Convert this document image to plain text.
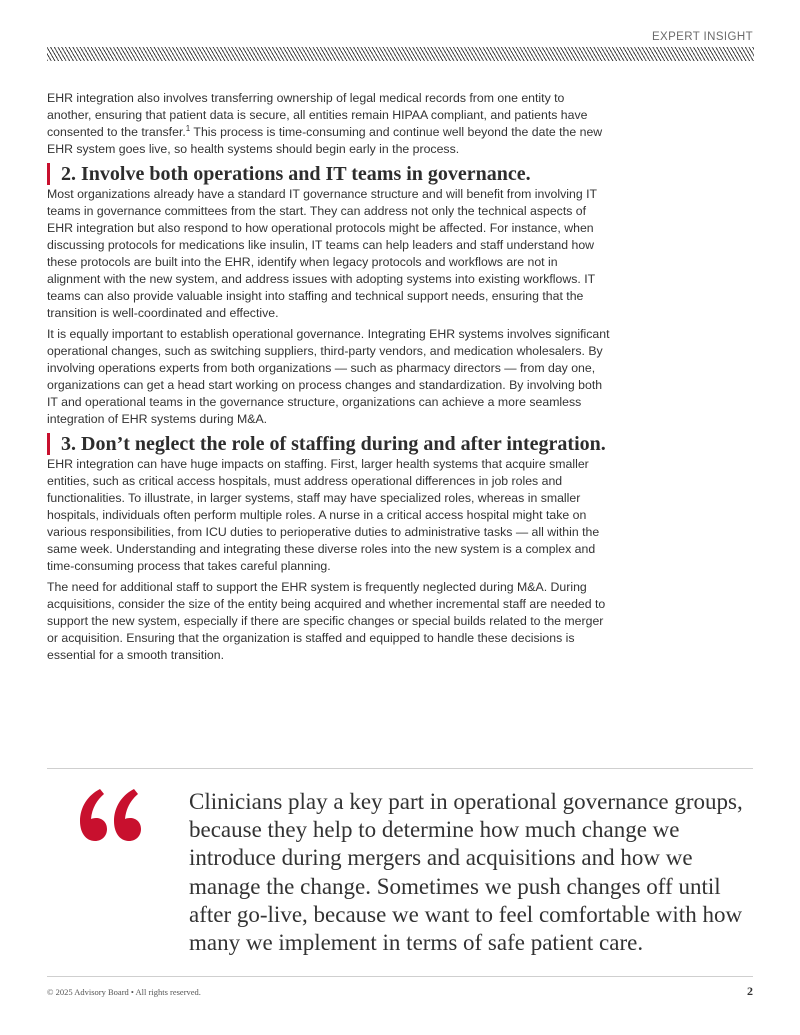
EXPERT INSIGHT

EHR integration also involves transferring ownership of legal medical records from one entity to another, ensuring that patient data is secure, all entities remain HIPAA compliant, and patients have consented to the transfer.$^1$ This process is time-consuming and continue well beyond the date the new EHR system goes live, so health systems should begin early in the process.

2. Involve both operations and IT teams in governance.

Most organizations already have a standard IT governance structure and will benefit from involving IT teams in governance committees from the start. They can address not only the technical aspects of EHR integration but also respond to how operational protocols might be affected. For instance, when discussing protocols for medications like insulin, IT teams can help leaders and staff understand how these protocols are built into the EHR, identify when legacy protocols and workflows are not in alignment with the new system, and address issues with adopting systems into existing workflows. IT teams can also provide valuable insight into staffing and technical support needs, ensuring that the transition is well-coordinated and effective.

It is equally important to establish operational governance. Integrating EHR systems involves significant operational changes, such as switching suppliers, third-party vendors, and medication wholesalers. By involving operations experts from both organizations — such as pharmacy directors — from day one, organizations can get a head start working on process changes and standardization. By involving both IT and operational teams in the governance structure, organizations can achieve a more seamless integration of EHR systems during M&A.

3. Don’t neglect the role of staffing during and after integration.

EHR integration can have huge impacts on staffing. First, larger health systems that acquire smaller entities, such as critical access hospitals, must address operational differences in job roles and functionalities. To illustrate, in larger systems, staff may have specialized roles, whereas in smaller hospitals, individuals often perform multiple roles. A nurse in a critical access hospital might take on various responsibilities, from ICU duties to perioperative duties to administrative tasks — all within the same week. Understanding and integrating these diverse roles into the new system is a complex and time-consuming process that takes careful planning.

The need for additional staff to support the EHR system is frequently neglected during M&A. During acquisitions, consider the size of the entity being acquired and whether incremental staff are needed to support the new system, especially if there are specific changes or special builds related to the merger or acquisition. Ensuring that the organization is staffed and equipped to handle these decisions is essential for a smooth transition.

Clinicians play a key part in operational governance groups, because they help to determine how much change we introduce during mergers and acquisitions and how we manage the change. Sometimes we push changes off until after go-live, because we want to feel comfortable with how many we implement in terms of safe patient care.
© 2025 Advisory Board • All rights reserved.	2
